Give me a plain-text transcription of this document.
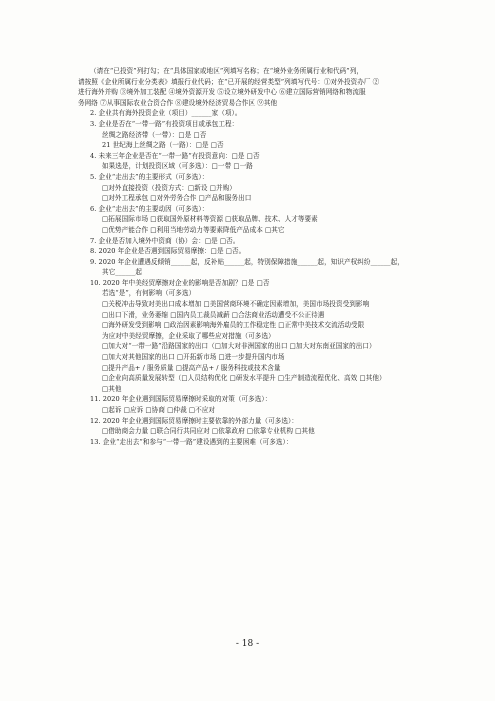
（请在“已投资”列打勾；在“具体国家或地区”列填写名称；在“境外业务所属行业和代码”列，
请按照《企业所属行业分类表》填报行业代码；在“已开展的经营类型”列填写代号：①对外投资办厂 ②
进行海外并购 ③境外加工装配 ④境外资源开发 ⑤设立境外研发中心 ⑥建立国际营销网络和物流服
务网络 ⑦从事国际农业合资合作 ⑧建设境外经济贸易合作区 ⑨其他
2. 企业共有海外投资企业（项目）______家（项）。
3. 企业是否在“一带一路”有投资项目或承包工程：
丝绸之路经济带（一带）：□是 □否
21 世纪海上丝绸之路（一路）：□是 □否
4. 未来三年企业是否在“一带一路”有投资意向：□是 □否
如果选是，计划投资区域（可多选）：□一带 □一路
5. 企业“走出去”的主要形式（可多选）：
□对外直接投资（投资方式：□新设 □并购）
□对外工程承包 □对外劳务合作 □产品和服务出口
6. 企业“走出去”的主要动因（可多选）：
□拓展国际市场 □获取国外原材料等资源 □获取品牌、技术、人才等要素
□优势产能合作 □利用当地劳动力等要素降低产品成本 □其它
7. 企业是否加入境外中资商（协）会：□是 □否。
8. 2020 年企业是否遇到国际贸易摩擦：□是 □否。
9. 2020 年企业遭遇反倾销______起，反补贴______起，特别保障措施______起，知识产权纠纷______起，
其它______起
10. 2020 年中美经贸摩擦对企业的影响是否加剧？□是 □否
若选“是”，有何影响（可多选）
□关税冲击导致对美出口成本增加 □美国营商环境不确定因素增加，美国市场投资受到影响
□出口下滑，业务萎缩 □国内员工裁员减薪 □合法商业活动遭受不公正待遇
□海外研发受到影响 □政治因素影响海外雇员的工作稳定性 □正常中美技术交流活动受限
为应对中美经贸摩擦，企业采取了哪些应对措施（可多选）
□加大对“一带一路”沿路国家的出口（□加大对非洲国家的出口 □加大对东南亚国家的出口）
□加大对其他国家的出口 □开拓新市场 □进一步提升国内市场
□提升产品+ / 服务质量 □提高产品+ / 服务科技或技术含量
□企业向高质量发展转型（□人员结构优化 □研发水平提升 □生产制造流程优化、高效 □其他）
□其他
11. 2020 年企业遇到国际贸易摩擦时采取的对策（可多选）：
□起诉 □应诉 □协商 □仲裁 □不应对
12. 2020 年企业遇到国际贸易摩擦时主要依靠的外部力量（可多选）：
□借助商会力量 □联合同行共同应对 □依靠政府 □依靠专业机构 □其他
13. 企业“走出去”和参与“一带一路”建设遇到的主要困难（可多选）：
- 18 -
